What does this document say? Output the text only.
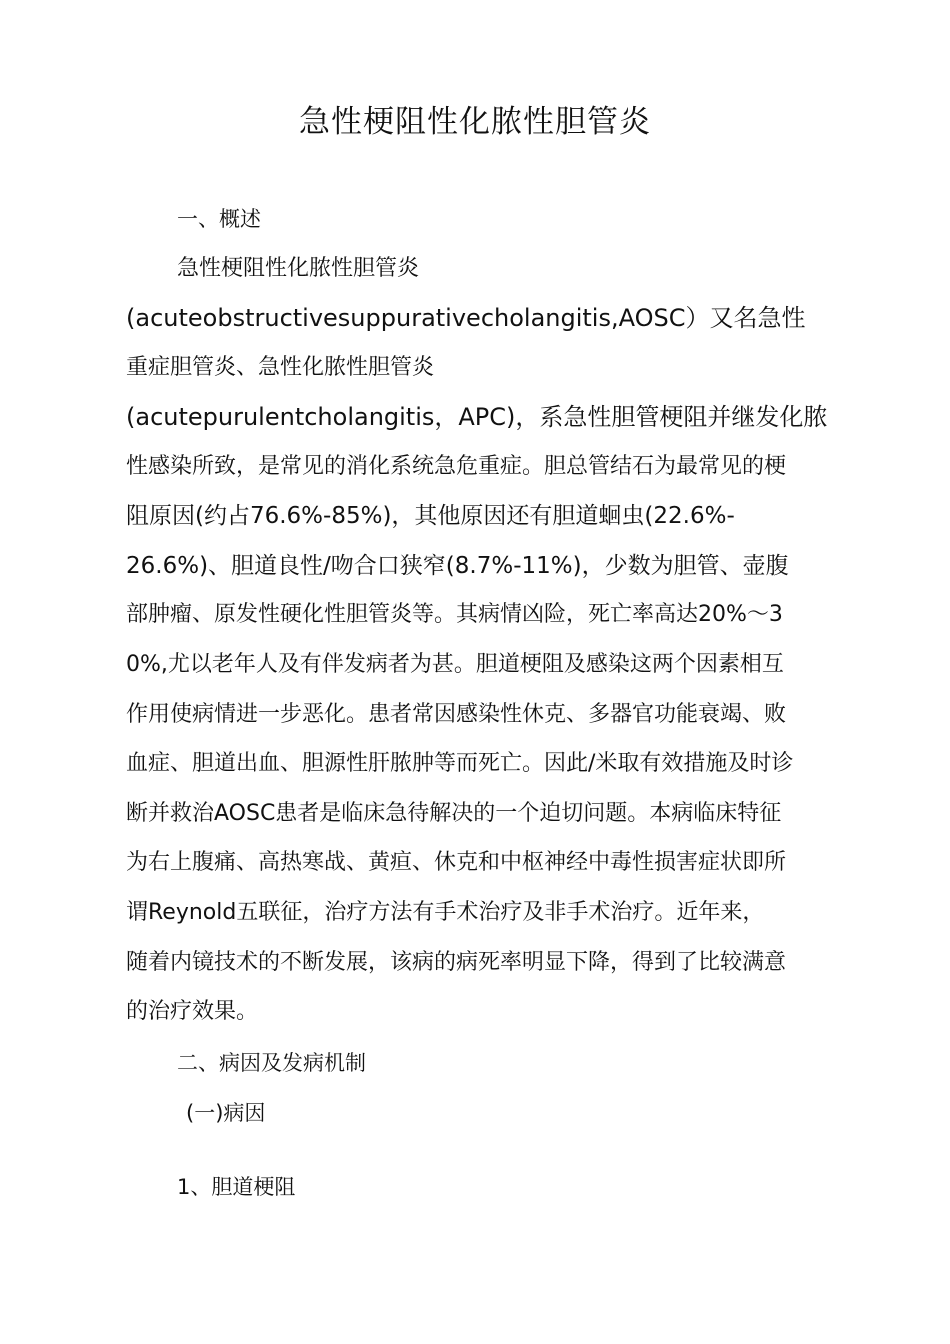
急性梗阻性化脓性胆管炎

一、概述

急性梗阻性化脓性胆管炎

(acuteobstructivesuppurativecholangitis,AOSC）又名急性

重症胆管炎、急性化脓性胆管炎

(acutepurulentcholangitis，APC)，系急性胆管梗阻并继发化脓

性感染所致，是常见的消化系统急危重症。胆总管结石为最常见的梗

阻原因(约占76.6%-85%)，其他原因还有胆道蛔虫(22.6%-

26.6%)、胆道良性/吻合口狭窄(8.7%-11%)，少数为胆管、壶腹

部肿瘤、原发性硬化性胆管炎等。其病情凶险，死亡率高达20%〜3

0%,尤以老年人及有伴发病者为甚。胆道梗阻及感染这两个因素相互

作用使病情进一步恶化。患者常因感染性休克、多器官功能衰竭、败

血症、胆道出血、胆源性肝脓肿等而死亡。因此/米取有效措施及时诊

断并救治AOSC患者是临床急待解决的一个迫切问题。本病临床特征

为右上腹痛、高热寒战、黄疸、休克和中枢神经中毒性损害症状即所

谓Reynold五联征，治疗方法有手术治疗及非手术治疗。近年来，

随着内镜技术的不断发展，该病的病死率明显下降，得到了比较满意

的治疗效果。

二、病因及发病机制

(一)病因

1、胆道梗阻
